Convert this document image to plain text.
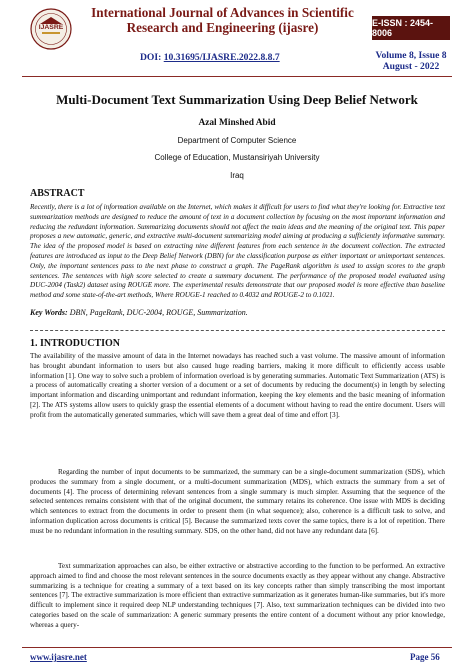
IJASRE
International Journal of Advances in Scientific Research and Engineering (ijasre)	E-ISSN : 2454-8006
DOI: 10.31695/IJASRE.2022.8.8.7	Volume 8, Issue 8
August - 2022
Multi-Document Text Summarization Using Deep Belief Network
Azal Minshed Abid
Department of Computer Science
College of Education, Mustansiriyah University
Iraq
ABSTRACT
Recently, there is a lot of information available on the Internet, which makes it difficult for users to find what they're looking for. Extractive text summarization methods are designed to reduce the amount of text in a document collection by focusing on the most important information and reducing the redundant information. Summarizing documents should not affect the main ideas and the meaning of the original text. This paper proposes a new automatic, generic, and extractive multi-document summarizing model aiming at producing a sufficiently informative summary. The idea of the proposed model is based on extracting nine different features from each sentence in the document collection. The extracted features are introduced as input to the Deep Belief Network (DBN) for the classification purpose as either important or unimportant sentences. Only, the important sentences pass to the next phase to construct a graph. The PageRank algorithm is used to assign scores to the graph sentences. The sentences with high score selected to create a summary document. The performance of the proposed model evaluated using DUC-2004 (Task2) dataset using ROUGE more. The experimental results demonstrate that our proposed model is more effective than baseline method and some state-of-the-art methods, Where ROUGE-1 reached to 0.4032 and ROUGE-2 to 0.1021.
Key Words: DBN, PageRank, DUC-2004, ROUGE, Summarization.
1. INTRODUCTION
The availability of the massive amount of data in the Internet nowadays has reached such a vast volume. The massive amount of information has brought abundant information to users but also caused huge reading barriers, making it more difficult to efficiently access usable information [1]. One way to solve such a problem of information overload is by generating summaries. Automatic Text Summarization (ATS) is a process of automatically creating a shorter version of a document or a set of documents by reducing the document(s) in length by selecting important information and discarding unimportant and redundant information, keeping the key elements and the basic meaning of information [2]. The ATS systems allow users to quickly grasp the essential elements of a document without having to read the entire document. Users will profit from the automatically generated summaries, which will save them a great deal of time and effort [3].
Regarding the number of input documents to be summarized, the summary can be a single-document summarization (SDS), which produces the summary from a single document, or a multi-document summarization (MDS), which extracts the summary from a set of documents [4]. The process of determining relevant sentences from a single summary is much simpler. Assuming that the sequence of the selected sentences remains consistent with that of the original document, the summary retains its coherence. One issue with MDS is deciding which sentences to extract from the documents in order to present them (in what sequence); also, coherence is a difficult task to solve, and information duplication across documents is critical [5]. Because the summarized texts cover the same topics, there is a lot of repetition. There must be no redundant information in the resulting summary. SDS, on the other hand, did not have any redundant data [6].
Text summarization approaches can also, be either extractive or abstractive according to the function to be performed. An extractive approach aimed to find and choose the most relevant sentences in the source documents exactly as they appear without any change. Abstractive summarizing is a technique for creating a summary of a text based on its key concepts rather than simply transcribing the most important sentences [7]. The extractive summarization is more efficient than extractive summarization as it generates human-like summaries, but it's more difficult to implement since it required deep NLP understanding techniques [7]. Also, text summarization techniques can be divided into two categories based on the scale of summarization: A generic summary presents the entire content of a document without any prior knowledge, whereas a query-
www.ijasre.net	Page 56
